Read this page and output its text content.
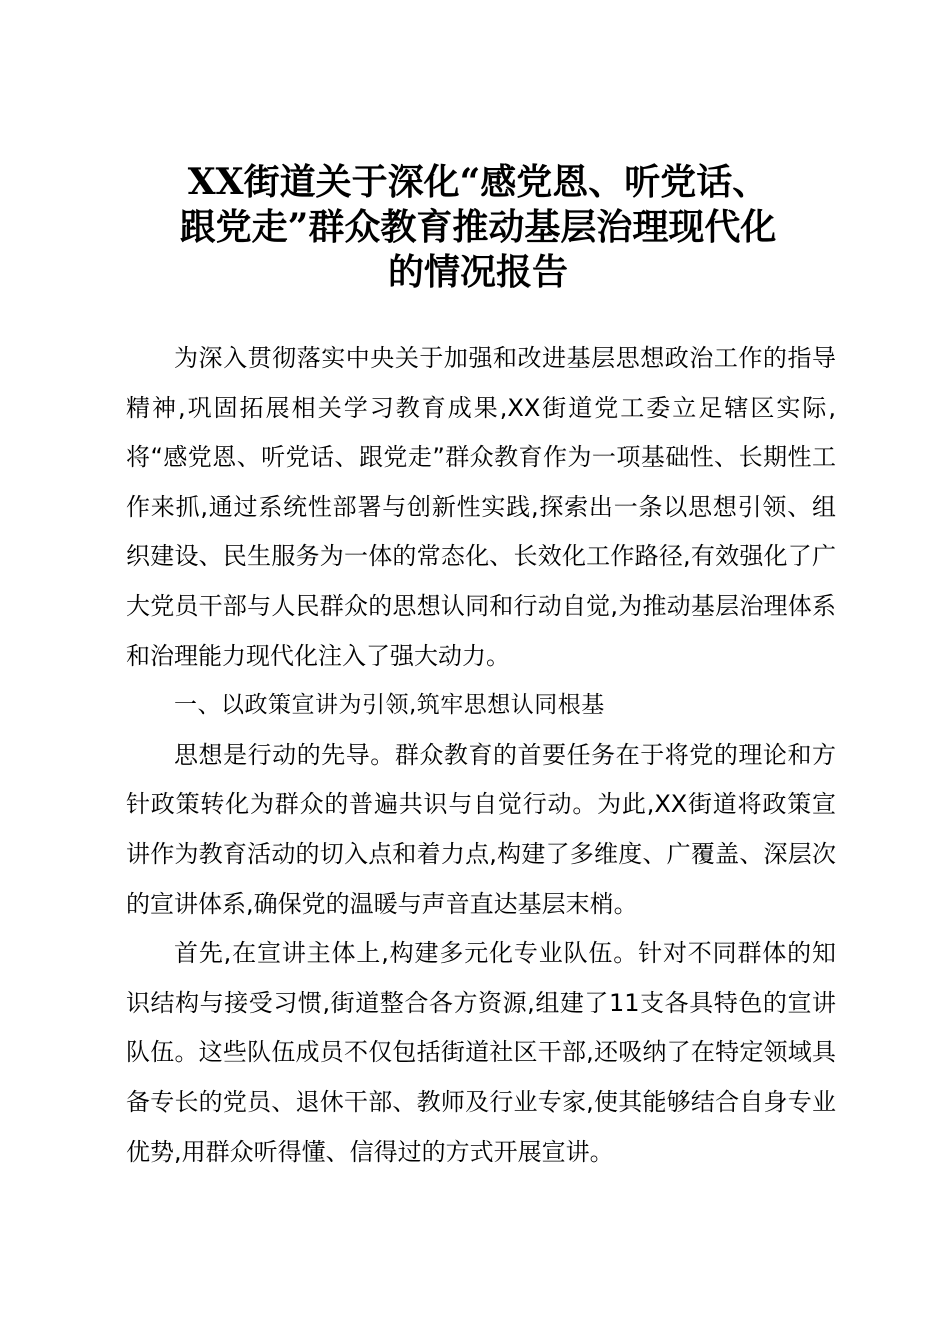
XX街道关于深化“感党恩、听党话、
跟党走”群众教育推动基层治理现代化
的情况报告

为深入贯彻落实中央关于加强和改进基层思想政治工作的指导精神,巩固拓展相关学习教育成果,XX街道党工委立足辖区实际,将“感党恩、听党话、跟党走”群众教育作为一项基础性、长期性工作来抓,通过系统性部署与创新性实践,探索出一条以思想引领、组织建设、民生服务为一体的常态化、长效化工作路径,有效强化了广大党员干部与人民群众的思想认同和行动自觉,为推动基层治理体系和治理能力现代化注入了强大动力。

一、以政策宣讲为引领,筑牢思想认同根基

思想是行动的先导。群众教育的首要任务在于将党的理论和方针政策转化为群众的普遍共识与自觉行动。为此,XX街道将政策宣讲作为教育活动的切入点和着力点,构建了多维度、广覆盖、深层次的宣讲体系,确保党的温暖与声音直达基层末梢。

首先,在宣讲主体上,构建多元化专业队伍。针对不同群体的知识结构与接受习惯,街道整合各方资源,组建了11支各具特色的宣讲队伍。这些队伍成员不仅包括街道社区干部,还吸纳了在特定领域具备专长的党员、退休干部、教师及行业专家,使其能够结合自身专业优势,用群众听得懂、信得过的方式开展宣讲。
